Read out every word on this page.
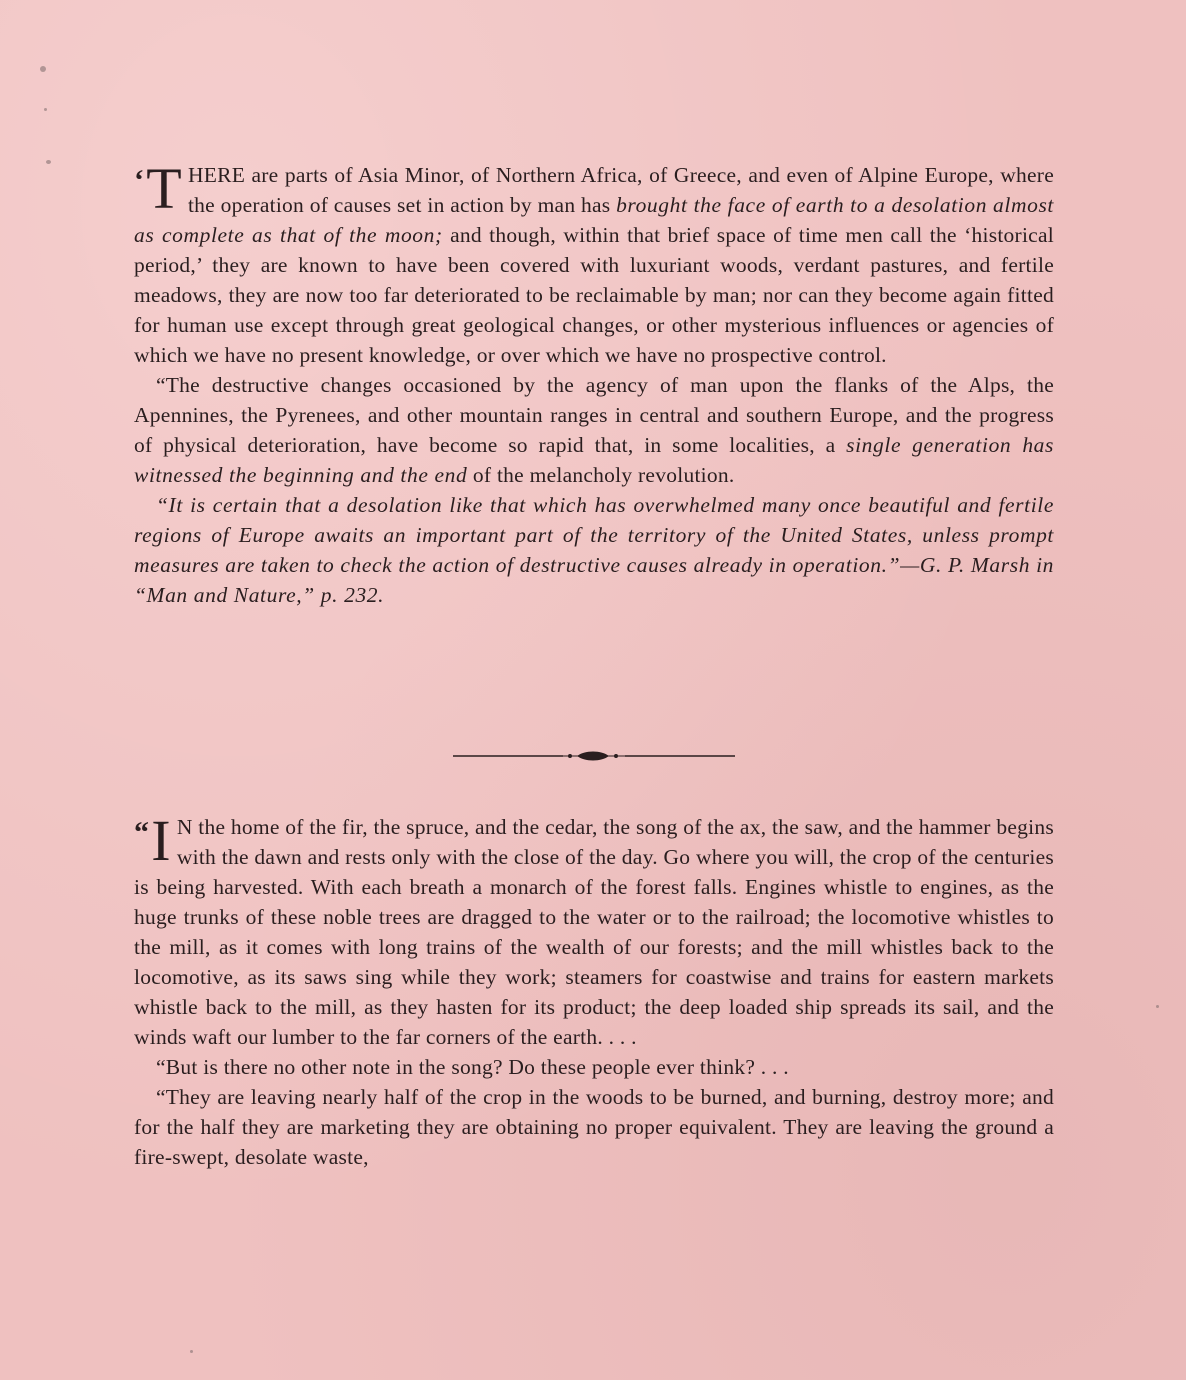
‘ T HERE are parts of Asia Minor, of Northern Africa, of Greece, and even of Alpine Europe, where the operation of causes set in action by man has brought the face of earth to a desolation almost as complete as that of the moon; and though, within that brief space of time men call the ‘historical period,’ they are known to have been covered with luxuriant woods, verdant pastures, and fertile meadows, they are now too far deteriorated to be reclaimable by man; nor can they become again fitted for human use except through great geological changes, or other mysterious influences or agencies of which we have no present knowledge, or over which we have no prospective control.

“The destructive changes occasioned by the agency of man upon the flanks of the Alps, the Apennines, the Pyrenees, and other mountain ranges in central and southern Europe, and the progress of physical deterioration, have become so rapid that, in some localities, a single generation has witnessed the beginning and the end of the melancholy revolution.

“It is certain that a desolation like that which has overwhelmed many once beautiful and fertile regions of Europe awaits an important part of the territory of the United States, unless prompt measures are taken to check the action of destructive causes already in operation.”—G. P. Marsh in “Man and Nature,” p. 232.

“ I N the home of the fir, the spruce, and the cedar, the song of the ax, the saw, and the hammer begins with the dawn and rests only with the close of the day. Go where you will, the crop of the centuries is being harvested. With each breath a monarch of the forest falls. Engines whistle to engines, as the huge trunks of these noble trees are dragged to the water or to the railroad; the locomotive whistles to the mill, as it comes with long trains of the wealth of our forests; and the mill whistles back to the locomotive, as its saws sing while they work; steamers for coastwise and trains for eastern markets whistle back to the mill, as they hasten for its product; the deep loaded ship spreads its sail, and the winds waft our lumber to the far corners of the earth. . . .

“But is there no other note in the song? Do these people ever think? . . .

“They are leaving nearly half of the crop in the woods to be burned, and burning, destroy more; and for the half they are marketing they are obtaining no proper equivalent. They are leaving the ground a fire-swept, desolate waste,
